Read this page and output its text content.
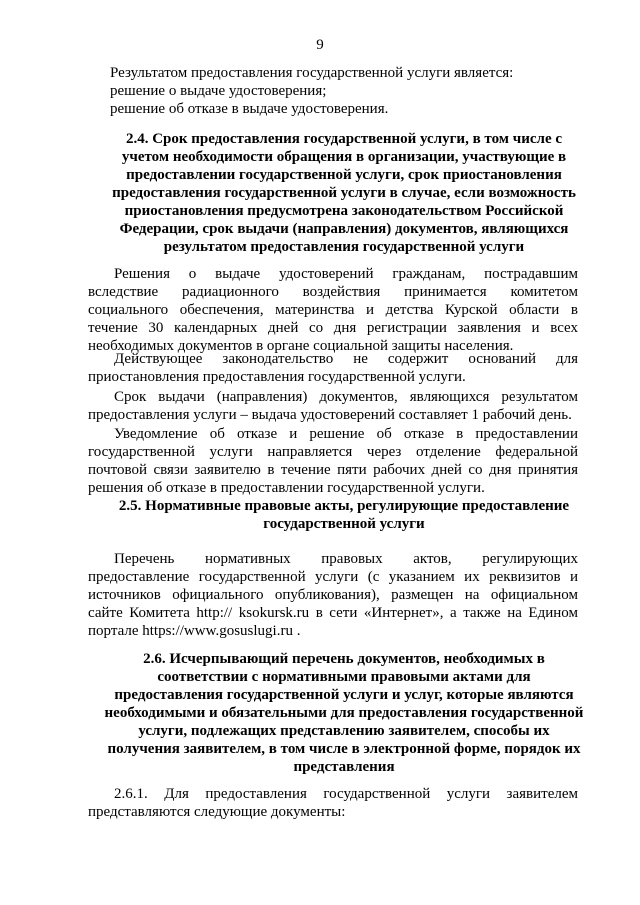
9
Результатом предоставления государственной услуги является:
решение о выдаче удостоверения;
решение об отказе в выдаче удостоверения.
2.4. Срок предоставления государственной услуги, в том числе с
учетом необходимости обращения в организации, участвующие в
предоставлении государственной услуги, срок приостановления
предоставления государственной услуги в случае, если возможность
приостановления предусмотрена законодательством Российской
Федерации, срок выдачи (направления) документов, являющихся
результатом предоставления государственной услуги
Решения о выдаче удостоверений гражданам, пострадавшим
вследствие радиационного воздействия принимается комитетом
социального обеспечения, материнства и детства Курской области в
течение 30 календарных дней со дня регистрации заявления и всех
необходимых документов в органе социальной защиты населения.
Действующее законодательство не содержит оснований для
приостановления предоставления государственной услуги.
Срок выдачи (направления) документов, являющихся результатом
предоставления услуги – выдача удостоверений составляет 1 рабочий день.
Уведомление об отказе и решение об отказе в предоставлении
государственной услуги направляется через отделение федеральной
почтовой связи заявителю в течение пяти рабочих дней со дня принятия
решения об отказе в предоставлении государственной услуги.
2.5. Нормативные правовые акты, регулирующие предоставление
государственной услуги
Перечень нормативных правовых актов, регулирующих
предоставление государственной услуги (с указанием их реквизитов и
источников официального опубликования), размещен на официальном
сайте Комитета http:// ksokursk.ru в сети «Интернет», а также на Едином
портале https://www.gosuslugi.ru .
2.6. Исчерпывающий перечень документов, необходимых в
соответствии с нормативными правовыми актами для
предоставления государственной услуги и услуг, которые являются
необходимыми и обязательными для предоставления государственной
услуги, подлежащих представлению заявителем, способы их
получения заявителем, в том числе в электронной форме, порядок их
представления
2.6.1. Для предоставления государственной услуги заявителем
представляются следующие документы:
